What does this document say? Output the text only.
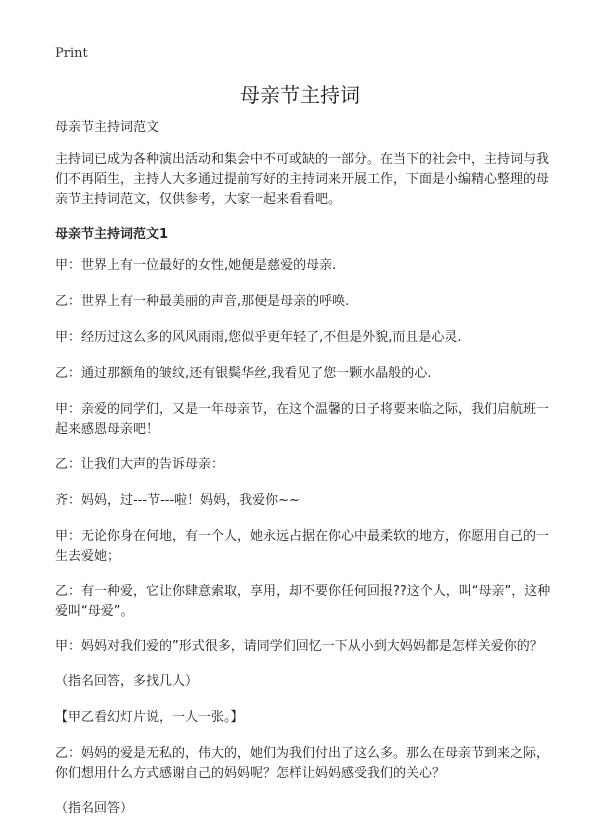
Print
母亲节主持词

母亲节主持词范文

主持词已成为各种演出活动和集会中不可或缺的一部分。在当下的社会中，主持词与我们不再陌生，主持人大多通过提前写好的主持词来开展工作，下面是小编精心整理的母亲节主持词范文，仅供参考，大家一起来看看吧。

母亲节主持词范文1

甲：世界上有一位最好的女性,她便是慈爱的母亲.

乙：世界上有一种最美丽的声音,那便是母亲的呼唤.

甲：经历过这么多的风风雨雨,您似乎更年轻了,不但是外貌,而且是心灵.

乙：通过那额角的皱纹,还有银鬓华丝,我看见了您一颗水晶般的心.

甲：亲爱的同学们，又是一年母亲节，在这个温馨的日子将要来临之际，我们启航班一起来感恩母亲吧！

乙：让我们大声的告诉母亲：

齐：妈妈，过---节---啦！妈妈，我爱你~~

甲：无论你身在何地，有一个人，她永远占据在你心中最柔软的地方，你愿用自己的一生去爱她；

乙：有一种爱，它让你肆意索取，享用，却不要你任何回报??这个人，叫“母亲”，这种爱叫“母爱”。

甲：妈妈对我们爱的”形式很多，请同学们回忆一下从小到大妈妈都是怎样关爱你的？

（指名回答，多找几人）

【甲乙看幻灯片说，一人一张。】

乙：妈妈的爱是无私的，伟大的，她们为我们付出了这么多。那么在母亲节到来之际，你们想用什么方式感谢自己的妈妈呢？怎样让妈妈感受我们的关心？

（指名回答）
